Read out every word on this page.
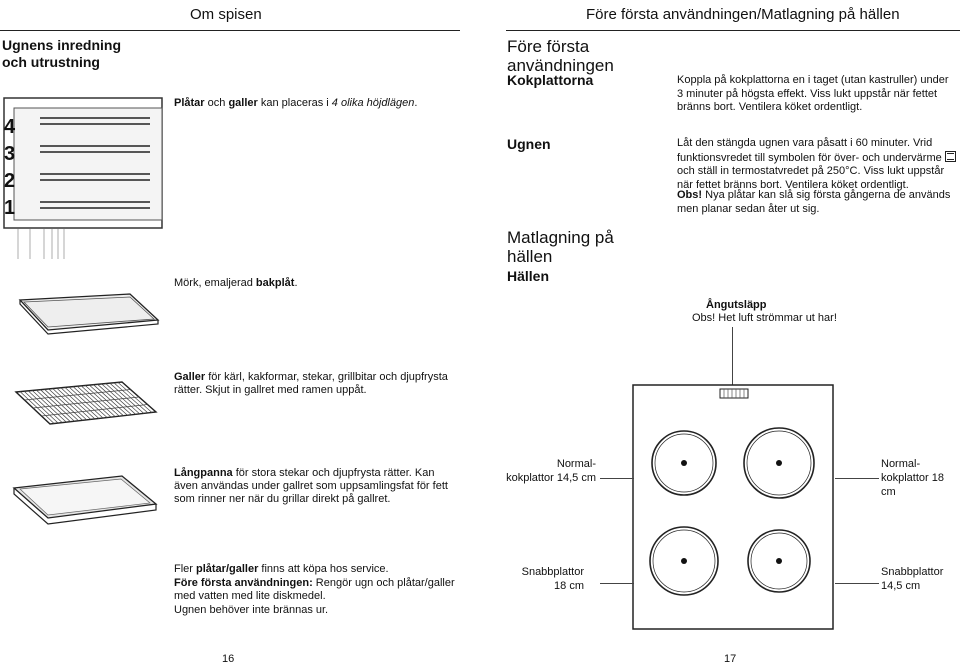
Om spisen
Ugnens inredning och utrustning
4
3
2
1
Plåtar och galler kan placeras i 4 olika höjdlägen.
Mörk, emaljerad bakplåt.
Galler för kärl, kakformar, stekar, grillbitar och djupfrysta rätter. Skjut in gallret med ramen uppåt.
Långpanna för stora stekar och djupfrysta rätter. Kan även användas under gallret som uppsamlingsfat för fett som rinner ner när du grillar direkt på gallret.
Fler plåtar/galler finns att köpa hos service.
Före första användningen: Rengör ugn och plåtar/galler med vatten med lite diskmedel.
Ugnen behöver inte brännas ur.
16
Före första användningen/Matlagning på hällen
Före första användningen
Kokplattorna	Koppla på kokplattorna en i taget (utan kastruller) under 3 minuter på högsta effekt. Viss lukt uppstår när fettet bränns bort. Ventilera köket ordentligt.
Ugnen	Låt den stängda ugnen vara påsatt i 60 minuter. Vrid funktionsvredet till symbolen för över- och undervärme
och ställ in termostatvredet på 250°C. Viss lukt uppstår när fettet bränns bort. Ventilera köket ordentligt.
Obs! Nya plåtar kan slå sig första gångerna de används men planar sedan åter ut sig.
Matlagning på hällen
Hällen
Ångutsläpp
Obs! Het luft strömmar ut har!
Normal-
kokplattor 14,5 cm
Normal-
kokplattor 18 cm
Snabbplattor
18 cm
Snabbplattor
14,5 cm
17
